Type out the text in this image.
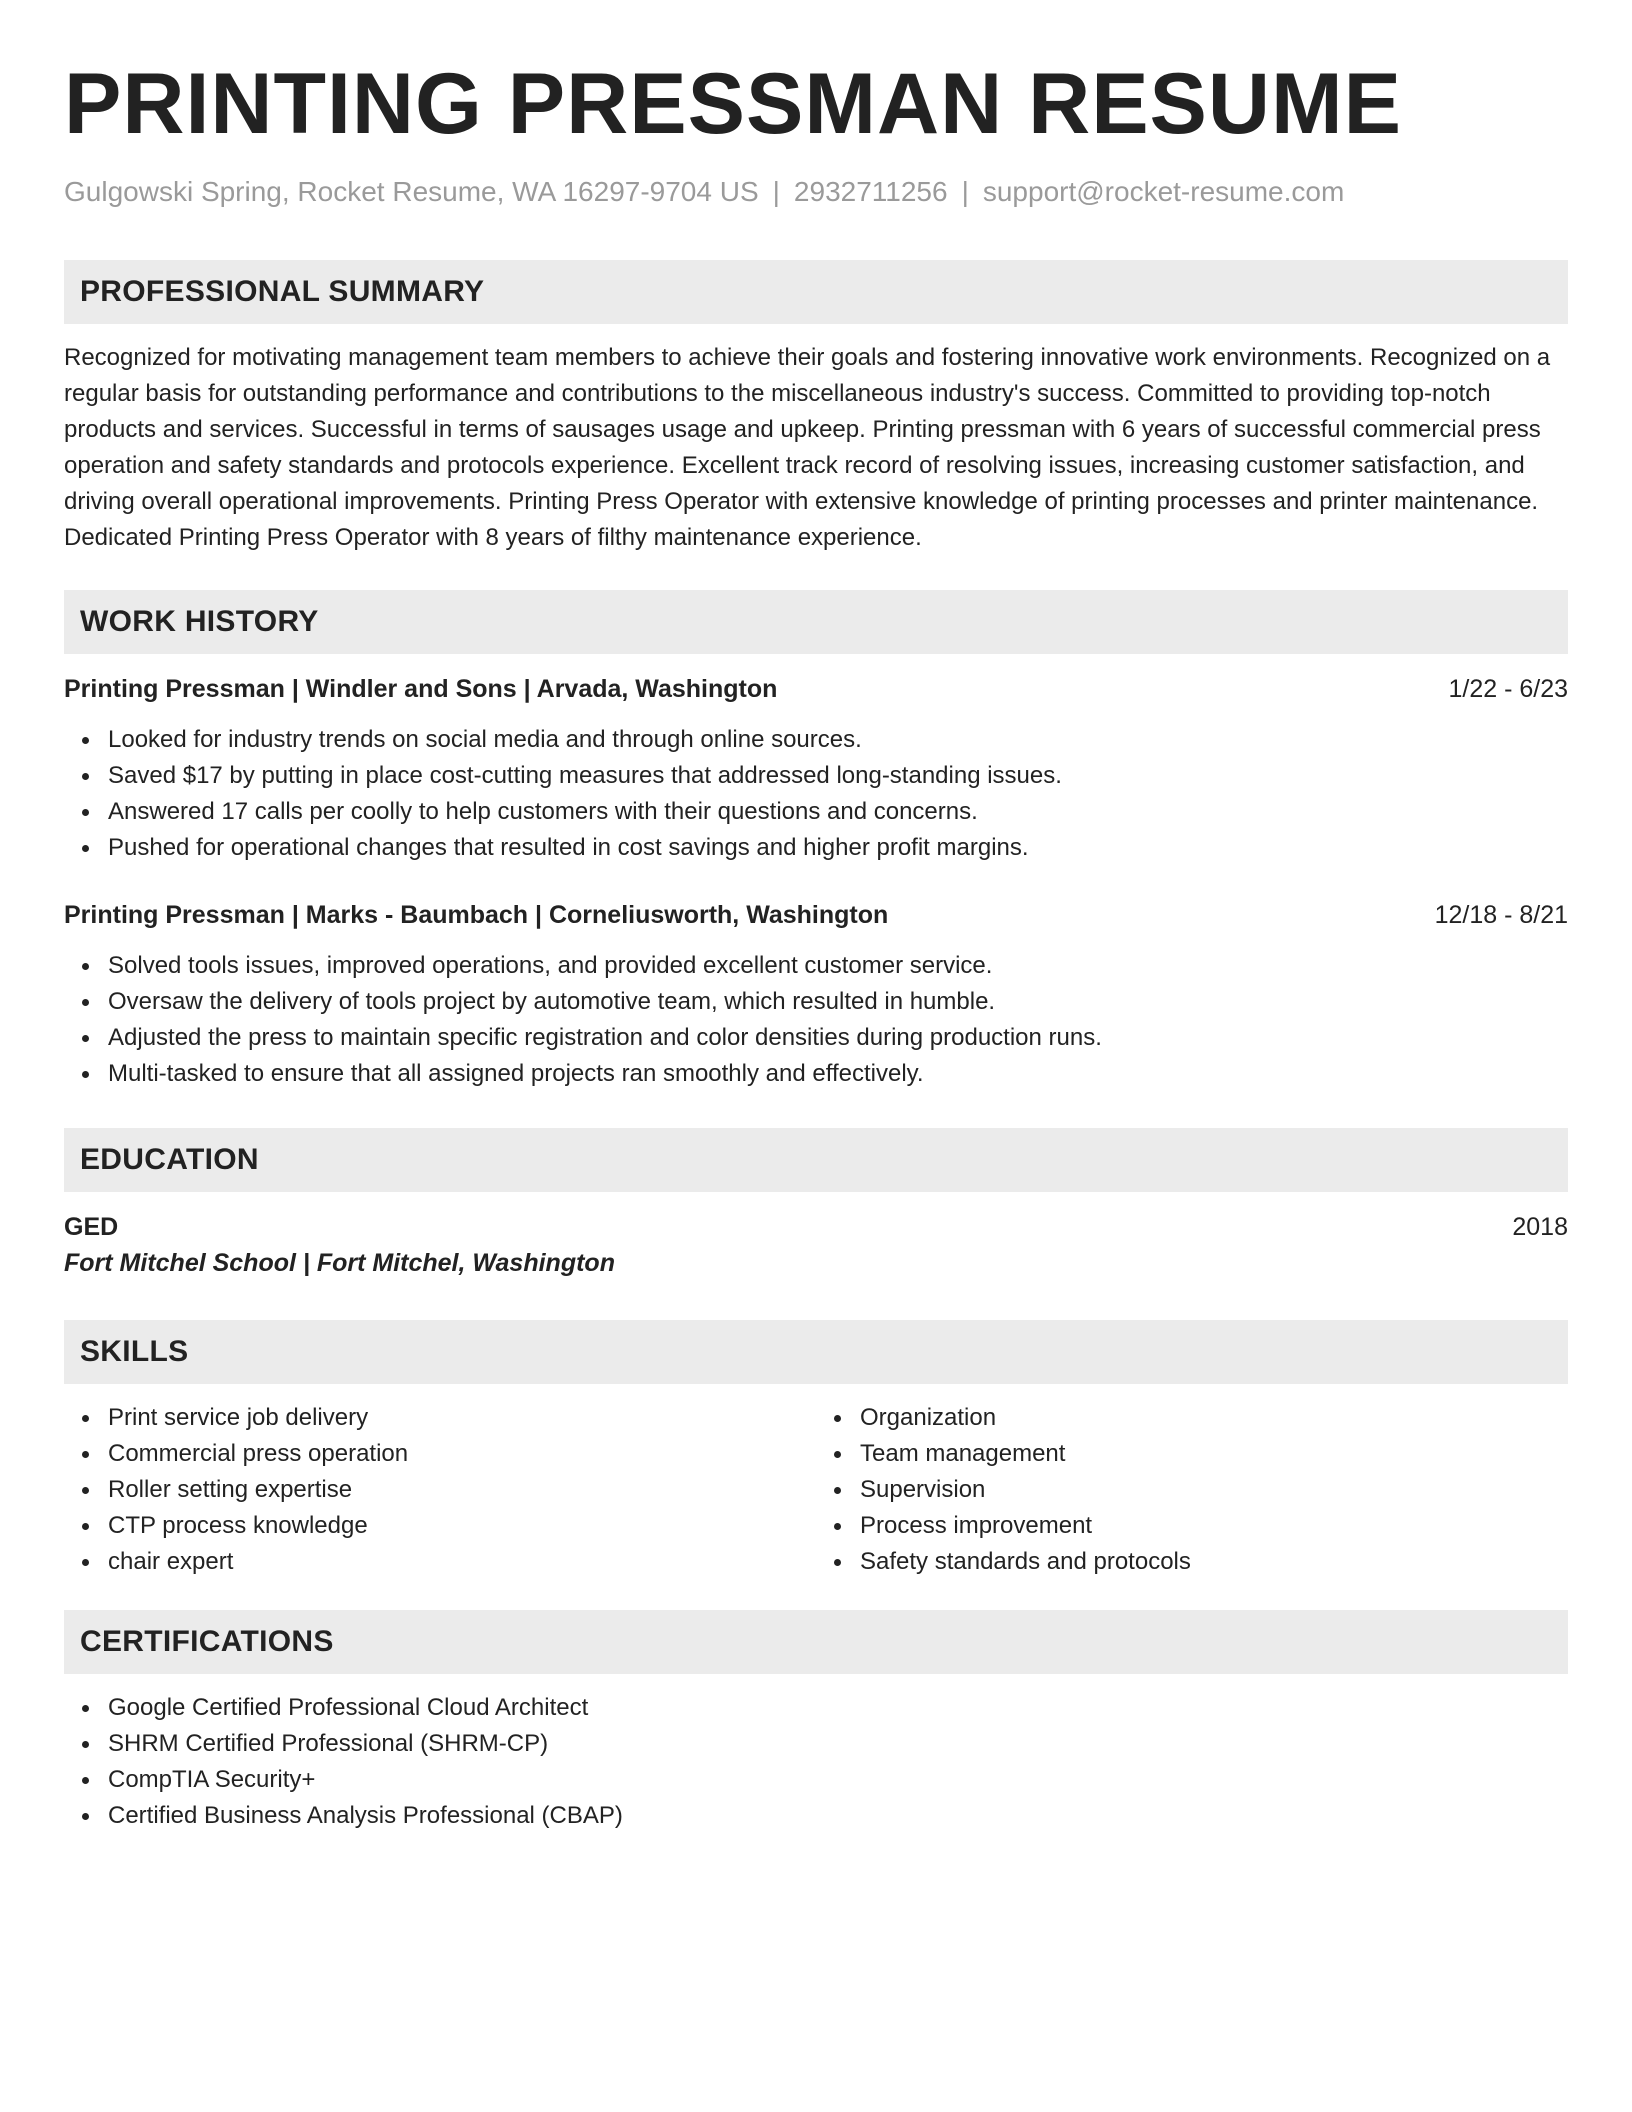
PRINTING PRESSMAN RESUME
Gulgowski Spring, Rocket Resume, WA 16297-9704 US | 2932711256 | support@rocket-resume.com
PROFESSIONAL SUMMARY

Recognized for motivating management team members to achieve their goals and fostering innovative work environments. Recognized on a regular basis for outstanding performance and contributions to the miscellaneous industry's success. Committed to providing top-notch products and services. Successful in terms of sausages usage and upkeep. Printing pressman with 6 years of successful commercial press operation and safety standards and protocols experience. Excellent track record of resolving issues, increasing customer satisfaction, and driving overall operational improvements. Printing Press Operator with extensive knowledge of printing processes and printer maintenance. Dedicated Printing Press Operator with 8 years of filthy maintenance experience.

WORK HISTORY
Printing Pressman | Windler and Sons | Arvada, Washington	1/22 - 6/23
Looked for industry trends on social media and through online sources.
Saved $17 by putting in place cost-cutting measures that addressed long-standing issues.
Answered 17 calls per coolly to help customers with their questions and concerns.
Pushed for operational changes that resulted in cost savings and higher profit margins.
Printing Pressman | Marks - Baumbach | Corneliusworth, Washington	12/18 - 8/21
Solved tools issues, improved operations, and provided excellent customer service.
Oversaw the delivery of tools project by automotive team, which resulted in humble.
Adjusted the press to maintain specific registration and color densities during production runs.
Multi-tasked to ensure that all assigned projects ran smoothly and effectively.
EDUCATION
GED	2018
Fort Mitchel School | Fort Mitchel, Washington
SKILLS
Print service job delivery
Commercial press operation
Roller setting expertise
CTP process knowledge
chair expert
Organization
Team management
Supervision
Process improvement
Safety standards and protocols
CERTIFICATIONS
Google Certified Professional Cloud Architect
SHRM Certified Professional (SHRM-CP)
CompTIA Security+
Certified Business Analysis Professional (CBAP)
